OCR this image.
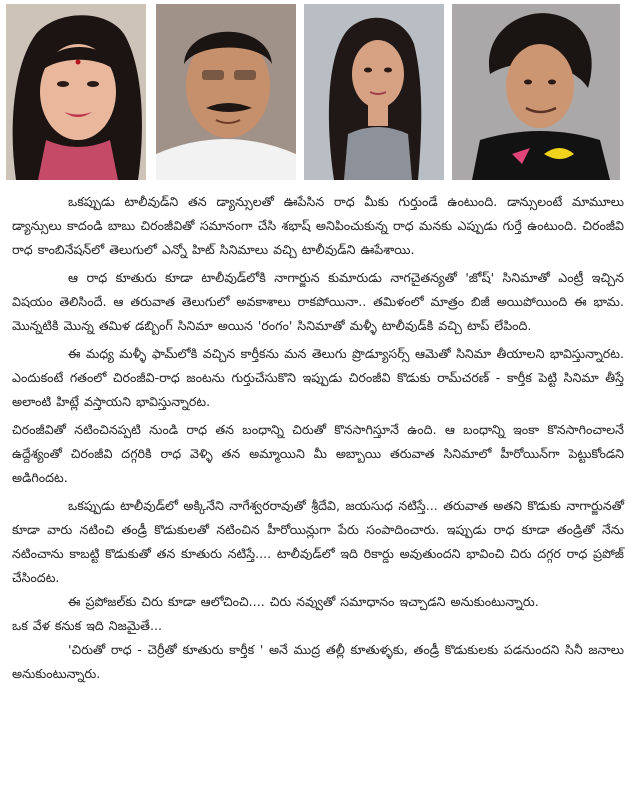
ఒకప్పుడు టాలీవుడ్‌ని తన డ్యాన్సులతో ఊపేసిన రాధ మీకు గుర్తుండే ఉంటుంది. డాన్సులంటే మామూలు డ్యాన్సులు కాదండి బాబు చిరంజీవితో సమానంగా చేసి శభాష్ అనిపించుకున్న రాధ మనకు ఎప్పుడు గుర్తే ఉంటుంది. చిరంజీవి రాధ కాంబినేషన్‌లో తెలుగులో ఎన్నో హిట్ సినిమాలు వచ్చి టాలీవుడ్‌ని ఊపేశాయి.

ఆ రాధ కూతురు కూడా టాలీవుడ్‌లోకి నాగార్జున కుమారుడు నాగచైతన్యతో 'జోష్' సినిమాతో ఎంట్రీ ఇచ్చిన విషయం తెలిసిందే. ఆ తరువాత తెలుగులో అవకాశాలు రాకపోయినా.. తమిళంలో మాత్రం బిజీ అయిపోయింది ఈ భామ. మొన్నటికి మొన్న తమిళ డబ్బింగ్ సినిమా అయిన 'రంగం' సినిమాతో మళ్ళీ టాలీవుడ్‌కి వచ్చి టాప్ లేపింది.

ఈ మధ్య మళ్ళీ ఫామ్‌లోకి వచ్చిన కార్తీకను మన తెలుగు ప్రొడ్యూసర్స్ ఆమెతో సినిమా తీయాలని భావిస్తున్నారట. ఎందుకంటే గతంలో చిరంజీవి-రాధ జంటను గుర్తుచేసుకొని ఇప్పుడు చిరంజీవి కొడుకు రామ్‌చరణ్ - కార్తీక పెట్టి సినిమా తీస్తే అలాంటి హిట్లే వస్తాయని భావిస్తున్నారట.

చిరంజీవితో నటించినప్పటి నుండి రాధ తన బంధాన్ని చిరుతో కొనసాగిస్తూనే ఉంది. ఆ బంధాన్ని ఇంకా కొనసాగించాలనే ఉద్దేశ్యంతో చిరంజీవి దగ్గరికి రాధ వెళ్ళి తన అమ్మాయిని మీ అబ్బాయి తరువాత సినిమాలో హీరోయిన్‌గా పెట్టుకోండని అడిగిందట.

ఒకప్పుడు టాలీవుడ్‌లో అక్కినేని నాగేశ్వరరావుతో శ్రీదేవి, జయసుధ నటిస్తే... తరువాత అతని కొడుకు నాగార్జునతో కూడా వారు నటించి తండ్రీ కొడుకులతో నటించిన హీరోయిన్లుగా పేరు సంపాదించారు. ఇప్పుడు రాధ కూడా తండ్రితో నేను నటించాను కాబట్టి కొడుకుతో తన కూతురు నటిస్తే.... టాలీవుడ్‌లో ఇది రికార్డు అవుతుందని భావించి చిరు దగ్గర రాధ ప్రపోజ్ చేసిందట.

ఈ ప్రపోజల్‌కు చిరు కూడా ఆలోచించి.... చిరు నవ్వుతో సమాధానం ఇచ్చాడని అనుకుంటున్నారు.

ఒక వేళ కనుక ఇది నిజమైతే...

'చిరుతో రాధ - చెర్రీతో కూతురు కార్తీక ' అనే ముద్ర తల్లీ కూతుళ్ళకు, తండ్రీ కొడుకులకు పడనుందని సినీ జనాలు అనుకుంటున్నారు.
